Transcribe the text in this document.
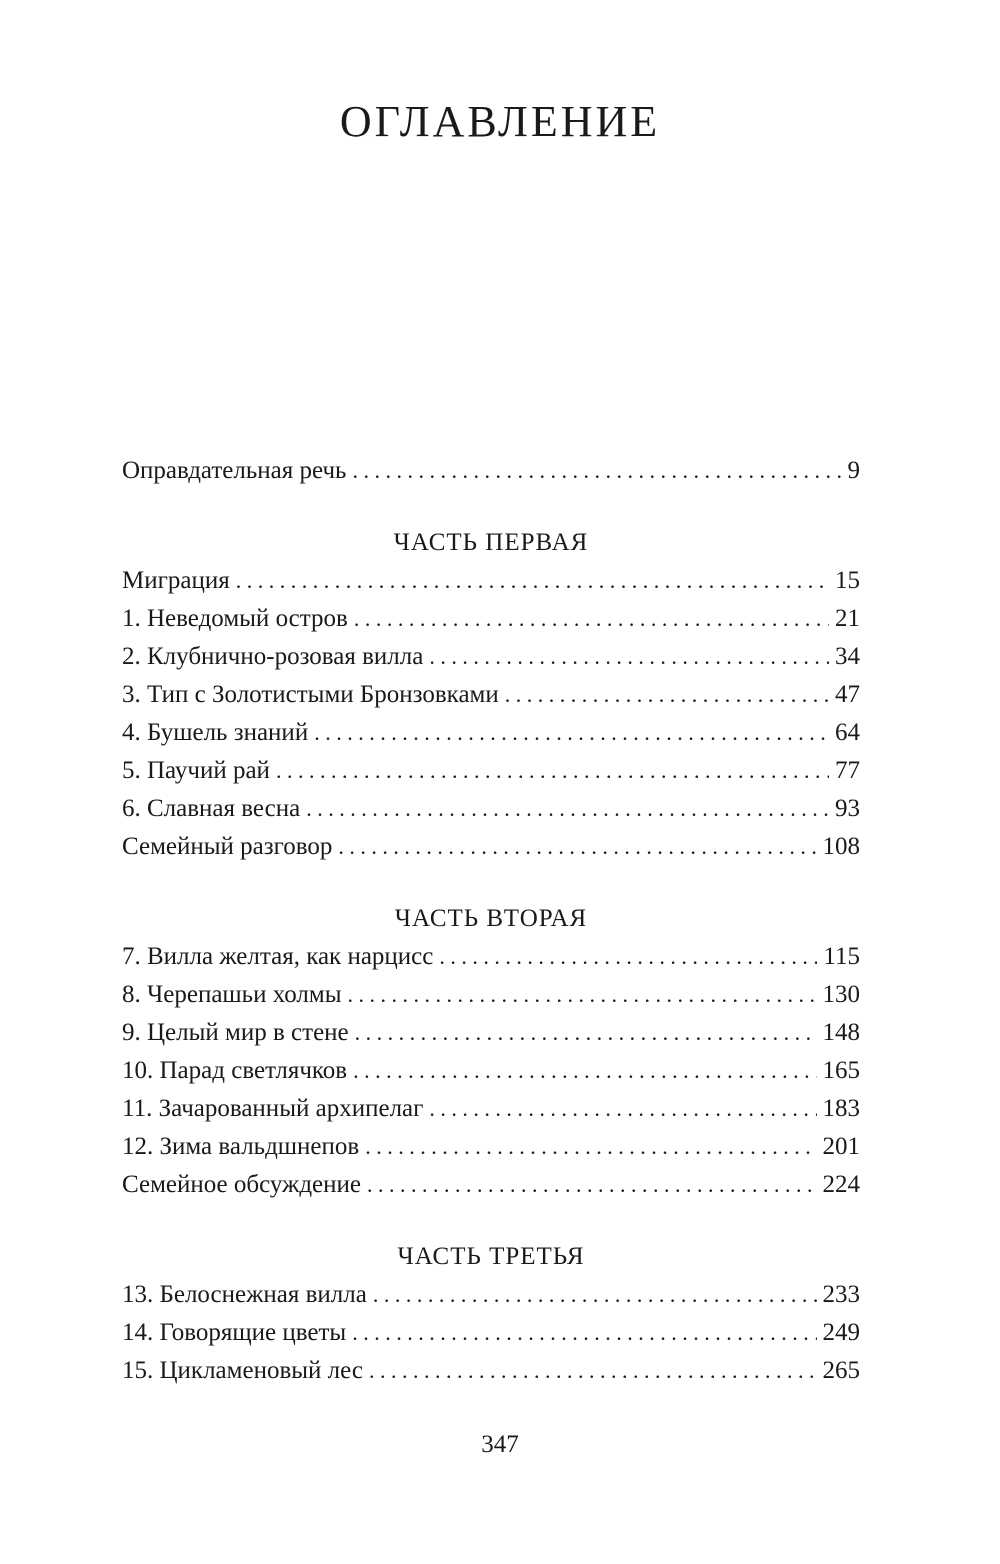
ОГЛАВЛЕНИЕ
Оправдательная речь . . .	9
ЧАСТЬ ПЕРВАЯ
Миграция . . .	15
1. Неведомый остров . . .	21
2. Клубнично-розовая вилла . . .	34
3. Тип с Золотистыми Бронзовками . . .	47
4. Бушель знаний . . .	64
5. Паучий рай . . .	77
6. Славная весна . . .	93
Семейный разговор . . .	108
ЧАСТЬ ВТОРАЯ
7. Вилла желтая, как нарцисс . . .	115
8. Черепашьи холмы . . .	130
9. Целый мир в стене . . .	148
10. Парад светлячков . . .	165
11. Зачарованный архипелаг . . .	183
12. Зима вальдшнепов . . .	201
Семейное обсуждение . . .	224
ЧАСТЬ ТРЕТЬЯ
13. Белоснежная вилла . . .	233
14. Говорящие цветы . . .	249
15. Цикламеновый лес . . .	265
347
